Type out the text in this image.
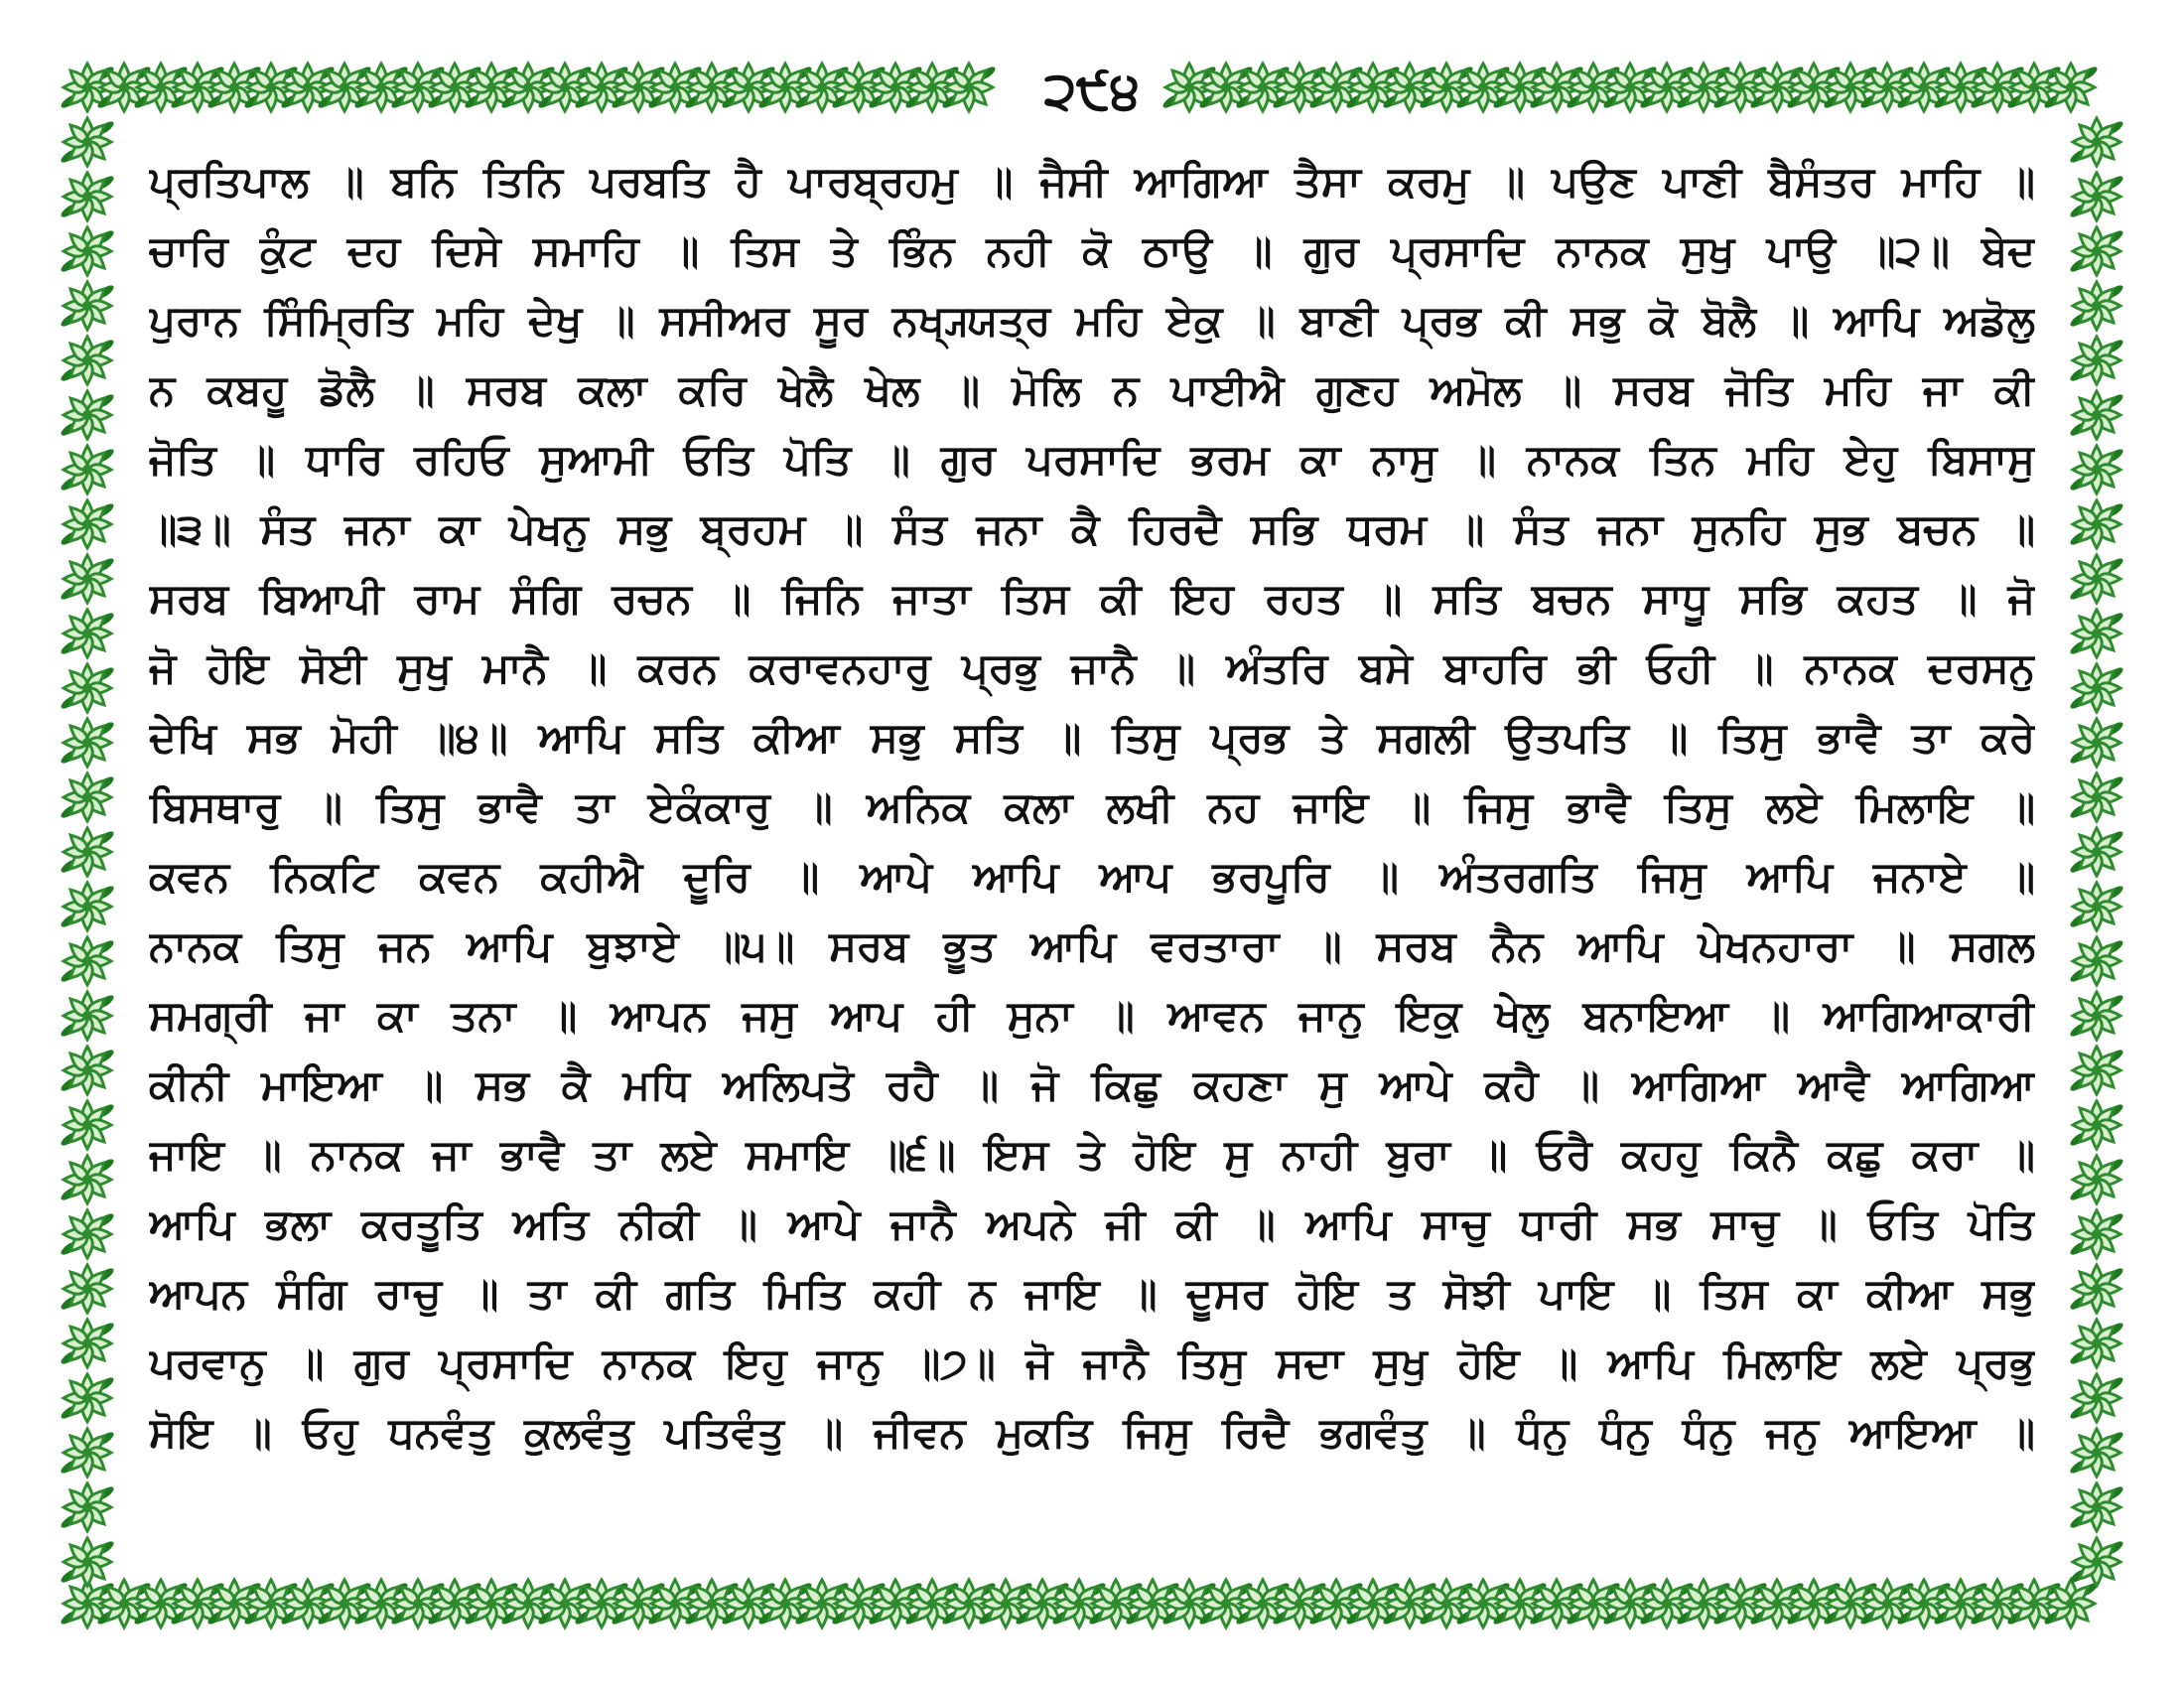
੨੯੪
ਪ੍ਰਤਿਪਾਲ ॥ ਬਨਿ ਤਿਨਿ ਪਰਬਤਿ ਹੈ ਪਾਰਬ੍ਰਹਮੁ ॥ ਜੈਸੀ ਆਗਿਆ ਤੈਸਾ ਕਰਮੁ ॥ ਪਉਣ ਪਾਣੀ ਬੈਸੰਤਰ ਮਾਹਿ ॥
ਚਾਰਿ ਕੁੰਟ ਦਹ ਦਿਸੇ ਸਮਾਹਿ ॥ ਤਿਸ ਤੇ ਭਿੰਨ ਨਹੀ ਕੋ ਠਾਉ ॥ ਗੁਰ ਪ੍ਰਸਾਦਿ ਨਾਨਕ ਸੁਖੁ ਪਾਉ ॥੨॥ ਬੇਦ
ਪੁਰਾਨ ਸਿੰਮ੍ਰਿਤਿ ਮਹਿ ਦੇਖੁ ॥ ਸਸੀਅਰ ਸੂਰ ਨਖ੍ਯ੍ਯਤ੍ਰ ਮਹਿ ਏਕੁ ॥ ਬਾਣੀ ਪ੍ਰਭ ਕੀ ਸਭੁ ਕੋ ਬੋਲੈ ॥ ਆਪਿ ਅਡੋਲੁ
ਨ ਕਬਹੂ ਡੋਲੈ ॥ ਸਰਬ ਕਲਾ ਕਰਿ ਖੇਲੈ ਖੇਲ ॥ ਮੋਲਿ ਨ ਪਾਈਐ ਗੁਣਹ ਅਮੋਲ ॥ ਸਰਬ ਜੋਤਿ ਮਹਿ ਜਾ ਕੀ
ਜੋਤਿ ॥ ਧਾਰਿ ਰਹਿਓ ਸੁਆਮੀ ਓਤਿ ਪੋਤਿ ॥ ਗੁਰ ਪਰਸਾਦਿ ਭਰਮ ਕਾ ਨਾਸੁ ॥ ਨਾਨਕ ਤਿਨ ਮਹਿ ਏਹੁ ਬਿਸਾਸੁ
॥੩॥ ਸੰਤ ਜਨਾ ਕਾ ਪੇਖਨੁ ਸਭੁ ਬ੍ਰਹਮ ॥ ਸੰਤ ਜਨਾ ਕੈ ਹਿਰਦੈ ਸਭਿ ਧਰਮ ॥ ਸੰਤ ਜਨਾ ਸੁਨਹਿ ਸੁਭ ਬਚਨ ॥
ਸਰਬ ਬਿਆਪੀ ਰਾਮ ਸੰਗਿ ਰਚਨ ॥ ਜਿਨਿ ਜਾਤਾ ਤਿਸ ਕੀ ਇਹ ਰਹਤ ॥ ਸਤਿ ਬਚਨ ਸਾਧੂ ਸਭਿ ਕਹਤ ॥ ਜੋ
ਜੋ ਹੋਇ ਸੋਈ ਸੁਖੁ ਮਾਨੈ ॥ ਕਰਨ ਕਰਾਵਨਹਾਰੁ ਪ੍ਰਭੁ ਜਾਨੈ ॥ ਅੰਤਰਿ ਬਸੇ ਬਾਹਰਿ ਭੀ ਓਹੀ ॥ ਨਾਨਕ ਦਰਸਨੁ
ਦੇਖਿ ਸਭ ਮੋਹੀ ॥੪॥ ਆਪਿ ਸਤਿ ਕੀਆ ਸਭੁ ਸਤਿ ॥ ਤਿਸੁ ਪ੍ਰਭ ਤੇ ਸਗਲੀ ਉਤਪਤਿ ॥ ਤਿਸੁ ਭਾਵੈ ਤਾ ਕਰੇ
ਬਿਸਥਾਰੁ ॥ ਤਿਸੁ ਭਾਵੈ ਤਾ ਏਕੰਕਾਰੁ ॥ ਅਨਿਕ ਕਲਾ ਲਖੀ ਨਹ ਜਾਇ ॥ ਜਿਸੁ ਭਾਵੈ ਤਿਸੁ ਲਏ ਮਿਲਾਇ ॥
ਕਵਨ ਨਿਕਟਿ ਕਵਨ ਕਹੀਐ ਦੂਰਿ ॥ ਆਪੇ ਆਪਿ ਆਪ ਭਰਪੂਰਿ ॥ ਅੰਤਰਗਤਿ ਜਿਸੁ ਆਪਿ ਜਨਾਏ ॥
ਨਾਨਕ ਤਿਸੁ ਜਨ ਆਪਿ ਬੁਝਾਏ ॥੫॥ ਸਰਬ ਭੂਤ ਆਪਿ ਵਰਤਾਰਾ ॥ ਸਰਬ ਨੈਨ ਆਪਿ ਪੇਖਨਹਾਰਾ ॥ ਸਗਲ
ਸਮਗ੍ਰੀ ਜਾ ਕਾ ਤਨਾ ॥ ਆਪਨ ਜਸੁ ਆਪ ਹੀ ਸੁਨਾ ॥ ਆਵਨ ਜਾਨੁ ਇਕੁ ਖੇਲੁ ਬਨਾਇਆ ॥ ਆਗਿਆਕਾਰੀ
ਕੀਨੀ ਮਾਇਆ ॥ ਸਭ ਕੈ ਮਧਿ ਅਲਿਪਤੋ ਰਹੈ ॥ ਜੋ ਕਿਛੁ ਕਹਣਾ ਸੁ ਆਪੇ ਕਹੈ ॥ ਆਗਿਆ ਆਵੈ ਆਗਿਆ
ਜਾਇ ॥ ਨਾਨਕ ਜਾ ਭਾਵੈ ਤਾ ਲਏ ਸਮਾਇ ॥੬॥ ਇਸ ਤੇ ਹੋਇ ਸੁ ਨਾਹੀ ਬੁਰਾ ॥ ਓਰੈ ਕਹਹੁ ਕਿਨੈ ਕਛੁ ਕਰਾ ॥
ਆਪਿ ਭਲਾ ਕਰਤੂਤਿ ਅਤਿ ਨੀਕੀ ॥ ਆਪੇ ਜਾਨੈ ਅਪਨੇ ਜੀ ਕੀ ॥ ਆਪਿ ਸਾਚੁ ਧਾਰੀ ਸਭ ਸਾਚੁ ॥ ਓਤਿ ਪੋਤਿ
ਆਪਨ ਸੰਗਿ ਰਾਚੁ ॥ ਤਾ ਕੀ ਗਤਿ ਮਿਤਿ ਕਹੀ ਨ ਜਾਇ ॥ ਦੂਸਰ ਹੋਇ ਤ ਸੋਝੀ ਪਾਇ ॥ ਤਿਸ ਕਾ ਕੀਆ ਸਭੁ
ਪਰਵਾਨੁ ॥ ਗੁਰ ਪ੍ਰਸਾਦਿ ਨਾਨਕ ਇਹੁ ਜਾਨੁ ॥੭॥ ਜੋ ਜਾਨੈ ਤਿਸੁ ਸਦਾ ਸੁਖੁ ਹੋਇ ॥ ਆਪਿ ਮਿਲਾਇ ਲਏ ਪ੍ਰਭੁ
ਸੋਇ ॥ ਓਹੁ ਧਨਵੰਤੁ ਕੁਲਵੰਤੁ ਪਤਿਵੰਤੁ ॥ ਜੀਵਨ ਮੁਕਤਿ ਜਿਸੁ ਰਿਦੈ ਭਗਵੰਤੁ ॥ ਧੰਨੁ ਧੰਨੁ ਧੰਨੁ ਜਨੁ ਆਇਆ ॥
